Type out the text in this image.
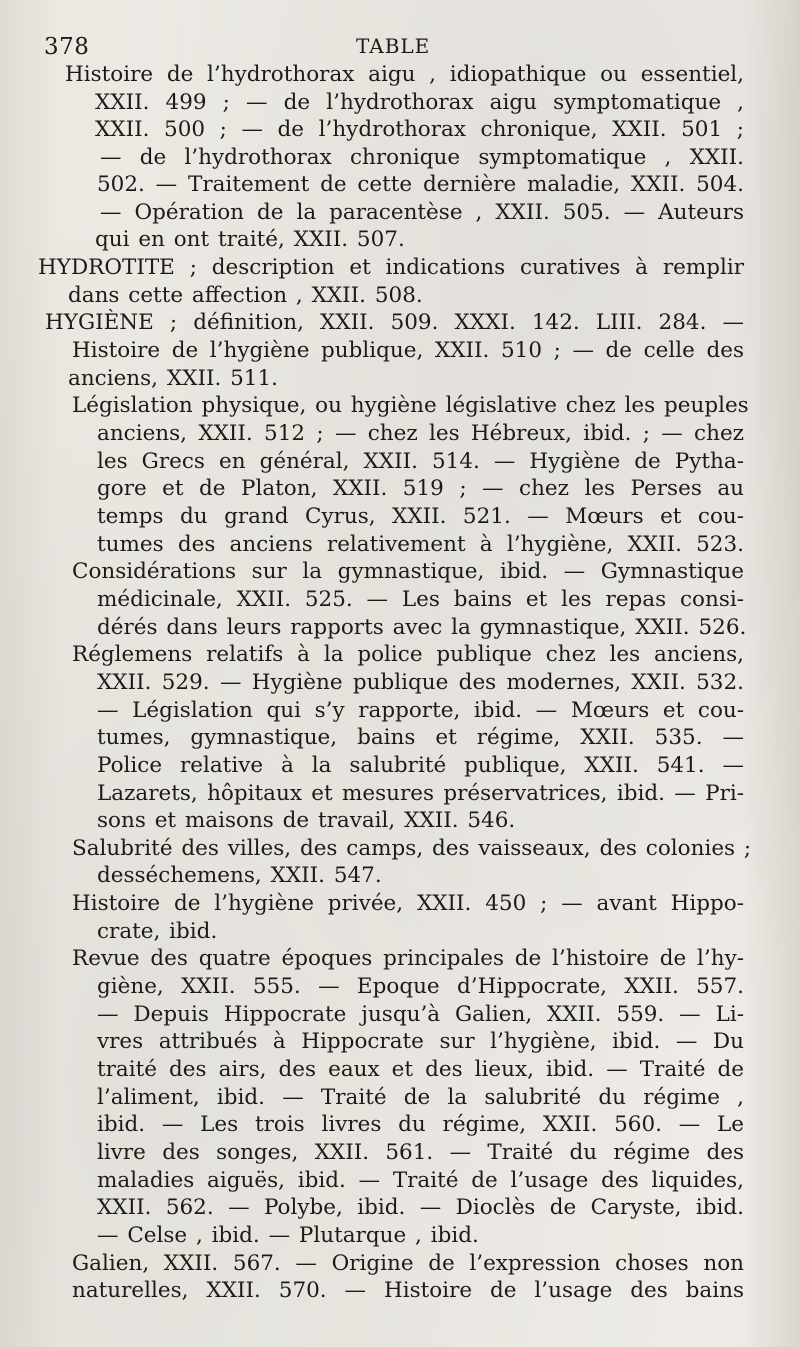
378	TABLE
Histoire de l’hydrothorax aigu , idiopathique ou essentiel,
XXII. 499 ; — de l’hydrothorax aigu symptomatique ,
XXII. 500 ; — de l’hydrothorax chronique, XXII. 501 ;
— de l’hydrothorax chronique symptomatique , XXII.
502. — Traitement de cette dernière maladie, XXII. 504.
— Opération de la paracentèse , XXII. 505. — Auteurs
qui en ont traité, XXII. 507.
HYDROTITE ; description et indications curatives à remplir
dans cette affection , XXII. 508.
HYGIÈNE ; définition, XXII. 509. XXXI. 142. LIII. 284. —
Histoire de l’hygiène publique, XXII. 510 ; — de celle des
anciens, XXII. 511.
Législation physique, ou hygiène législative chez les peuples
anciens, XXII. 512 ; — chez les Hébreux, ibid. ; — chez
les Grecs en général, XXII. 514. — Hygiène de Pytha-
gore et de Platon, XXII. 519 ; — chez les Perses au
temps du grand Cyrus, XXII. 521. — Mœurs et cou-
tumes des anciens relativement à l’hygiène, XXII. 523.
Considérations sur la gymnastique, ibid. — Gymnastique
médicinale, XXII. 525. — Les bains et les repas consi-
dérés dans leurs rapports avec la gymnastique, XXII. 526.
Réglemens relatifs à la police publique chez les anciens,
XXII. 529. — Hygiène publique des modernes, XXII. 532.
— Législation qui s’y rapporte, ibid. — Mœurs et cou-
tumes, gymnastique, bains et régime, XXII. 535. —
Police relative à la salubrité publique, XXII. 541. —
Lazarets, hôpitaux et mesures préservatrices, ibid. — Pri-
sons et maisons de travail, XXII. 546.
Salubrité des villes, des camps, des vaisseaux, des colonies ;
desséchemens, XXII. 547.
Histoire de l’hygiène privée, XXII. 450 ; — avant Hippo-
crate, ibid.
Revue des quatre époques principales de l’histoire de l’hy-
giène, XXII. 555. — Epoque d’Hippocrate, XXII. 557.
— Depuis Hippocrate jusqu’à Galien, XXII. 559. — Li-
vres attribués à Hippocrate sur l’hygiène, ibid. — Du
traité des airs, des eaux et des lieux, ibid. — Traité de
l’aliment, ibid. — Traité de la salubrité du régime ,
ibid. — Les trois livres du régime, XXII. 560. — Le
livre des songes, XXII. 561. — Traité du régime des
maladies aiguës, ibid. — Traité de l’usage des liquides,
XXII. 562. — Polybe, ibid. — Dioclès de Caryste, ibid.
— Celse , ibid. — Plutarque , ibid.
Galien, XXII. 567. — Origine de l’expression choses non
naturelles, XXII. 570. — Histoire de l’usage des bains
